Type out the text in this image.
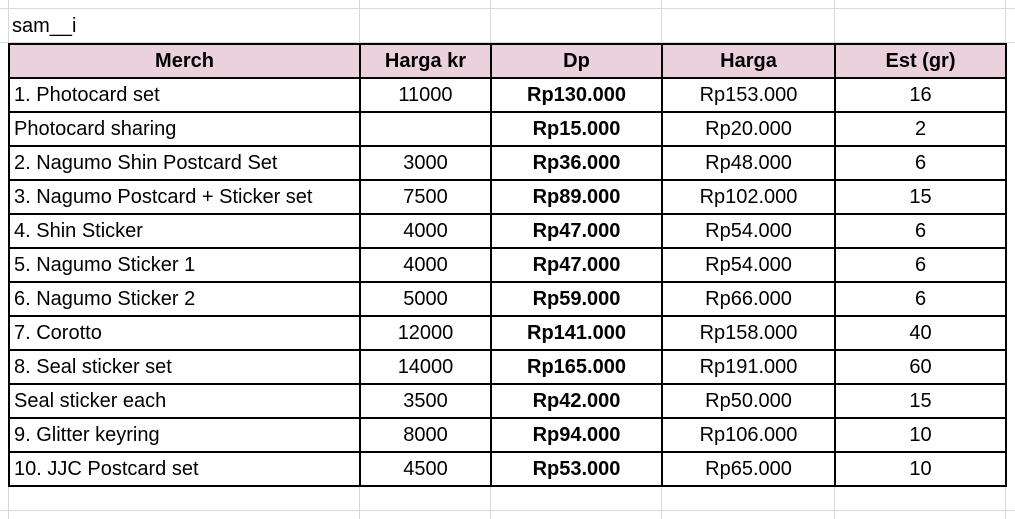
sam__i
Merch	Harga kr	Dp	Harga	Est (gr)
1. Photocard set	11000	Rp130.000	Rp153.000	16
Photocard sharing		Rp15.000	Rp20.000	2
2. Nagumo Shin Postcard Set	3000	Rp36.000	Rp48.000	6
3. Nagumo Postcard + Sticker set	7500	Rp89.000	Rp102.000	15
4. Shin Sticker	4000	Rp47.000	Rp54.000	6
5. Nagumo Sticker 1	4000	Rp47.000	Rp54.000	6
6. Nagumo Sticker 2	5000	Rp59.000	Rp66.000	6
7. Corotto	12000	Rp141.000	Rp158.000	40
8. Seal sticker set	14000	Rp165.000	Rp191.000	60
Seal sticker each	3500	Rp42.000	Rp50.000	15
9. Glitter keyring	8000	Rp94.000	Rp106.000	10
10. JJC Postcard set	4500	Rp53.000	Rp65.000	10
